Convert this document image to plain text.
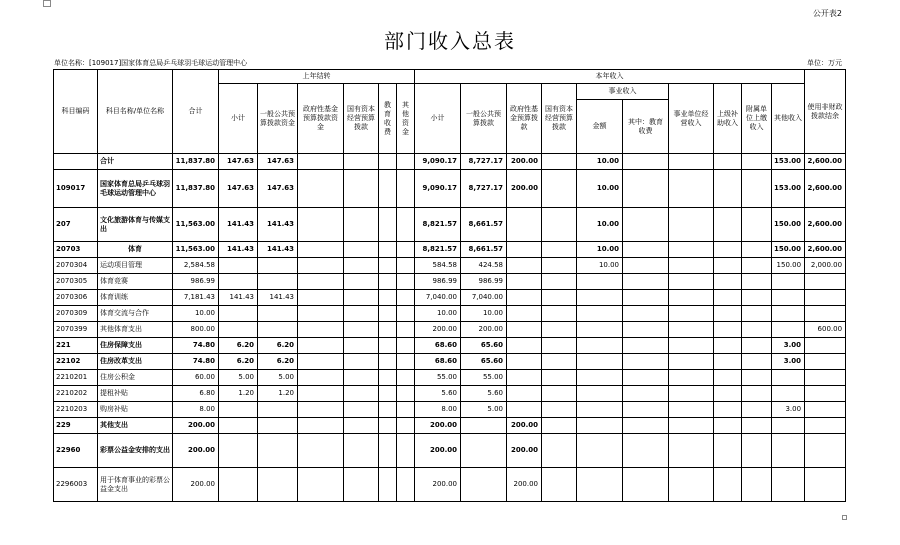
公开表2
部门收入总表
单位名称：[109017]国家体育总局乒乓球羽毛球运动管理中心	单位：万元
科目编码	科目名称/单位名称	合计	上年结转						本年收入										使用非财政拨款结余
			小计	一般公共预算拨款资金	政府性基金预算拨款资金	国有资本经营预算拨款	教育收费	其他资金	小计	一般公共预算拨款	政府性基金预算拨款	国有资本经营预算拨款	事业收入		事业单位经营收入	上级补助收入	附属单位上缴收入	其他收入	
													金额	其中：教育收费					
	合计	11,837.80	147.63	147.63					9,090.17	8,727.17	200.00		10.00					153.00	2,600.00
109017	国家体育总局乒乓球羽毛球运动管理中心	11,837.80	147.63	147.63					9,090.17	8,727.17	200.00		10.00					153.00	2,600.00
207	文化旅游体育与传媒支出	11,563.00	141.43	141.43					8,821.57	8,661.57			10.00					150.00	2,600.00
20703	体育	11,563.00	141.43	141.43					8,821.57	8,661.57			10.00					150.00	2,600.00
2070304	运动项目管理	2,584.58							584.58	424.58			10.00					150.00	2,000.00
2070305	体育竞赛	986.99							986.99	986.99									
2070306	体育训练	7,181.43	141.43	141.43					7,040.00	7,040.00									
2070309	体育交流与合作	10.00							10.00	10.00									
2070399	其他体育支出	800.00							200.00	200.00									600.00
221	住房保障支出	74.80	6.20	6.20					68.60	65.60								3.00	
22102	住房改革支出	74.80	6.20	6.20					68.60	65.60								3.00	
2210201	住房公积金	60.00	5.00	5.00					55.00	55.00									
2210202	提租补贴	6.80	1.20	1.20					5.60	5.60									
2210203	购房补贴	8.00							8.00	5.00								3.00	
229	其他支出	200.00							200.00		200.00								
22960	彩票公益金安排的支出	200.00							200.00		200.00								
2296003	用于体育事业的彩票公益金支出	200.00							200.00		200.00								
